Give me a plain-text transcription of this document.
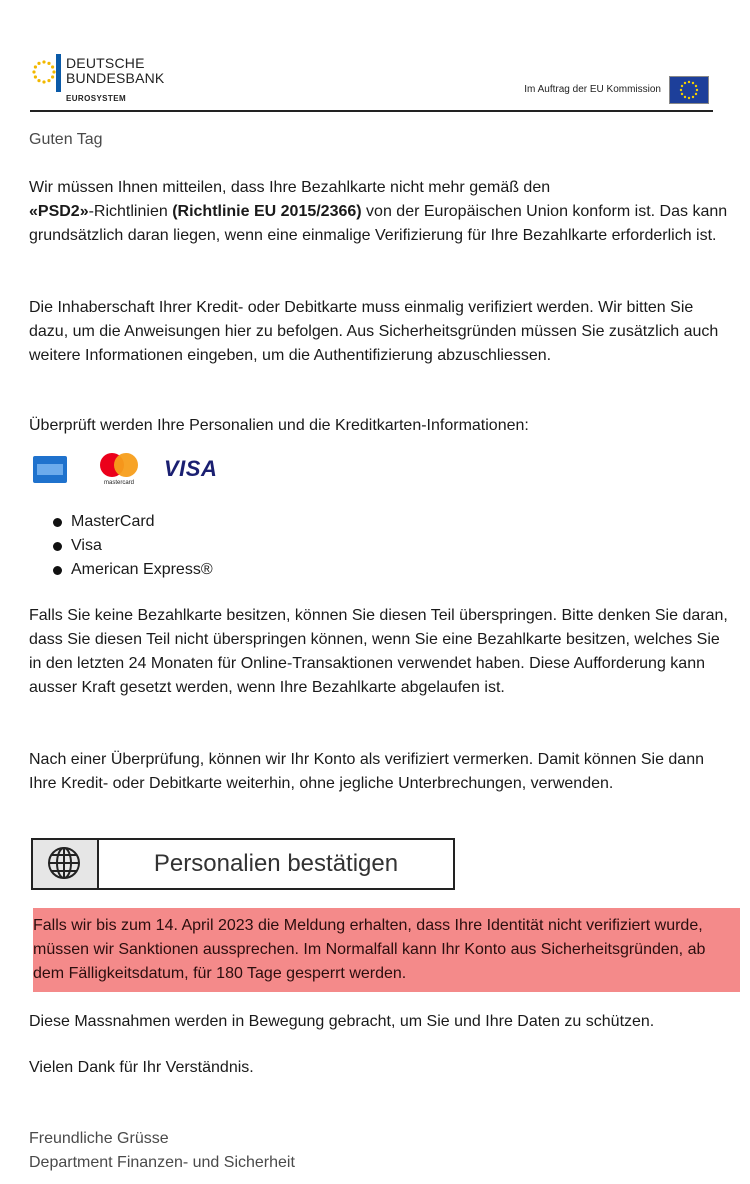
DEUTSCHE
BUNDESBANK
EUROSYSTEM
Im Auftrag der EU Kommission
Guten Tag

Wir müssen Ihnen mitteilen, dass Ihre Bezahlkarte nicht mehr gemäß den
«PSD2»-Richtlinien (Richtlinie EU 2015/2366) von der Europäischen Union konform ist. Das kann grundsätzlich daran liegen, wenn eine einmalige Verifizierung für Ihre Bezahlkarte erforderlich ist.

Die Inhaberschaft Ihrer Kredit- oder Debitkarte muss einmalig verifiziert werden. Wir bitten Sie dazu, um die Anweisungen hier zu befolgen. Aus Sicherheitsgründen müssen Sie zusätzlich auch weitere Informationen eingeben, um die Authentifizierung abzuschliessen.
Überprüft werden Ihre Personalien und die Kreditkarten-Informationen:
mastercard
VISA
MasterCard
Visa
American Express®
Falls Sie keine Bezahlkarte besitzen, können Sie diesen Teil überspringen. Bitte denken Sie daran, dass Sie diesen Teil nicht überspringen können, wenn Sie eine Bezahlkarte besitzen, welches Sie in den letzten 24 Monaten für Online-Transaktionen verwendet haben. Diese Aufforderung kann ausser Kraft gesetzt werden, wenn Ihre Bezahlkarte abgelaufen ist.
Nach einer Überprüfung, können wir Ihr Konto als verifiziert vermerken. Damit können Sie dann Ihre Kredit- oder Debitkarte weiterhin, ohne jegliche Unterbrechungen, verwenden.
Personalien bestätigen

Falls wir bis zum 14. April 2023 die Meldung erhalten, dass Ihre Identität nicht verifiziert wurde, müssen wir Sanktionen aussprechen. Im Normalfall kann Ihr Konto aus Sicherheitsgründen, ab dem Fälligkeitsdatum, für 180 Tage gesperrt werden.

Diese Massnahmen werden in Bewegung gebracht, um Sie und Ihre Daten zu schützen.
Vielen Dank für Ihr Verständnis.
Freundliche Grüsse
Department Finanzen- und Sicherheit
